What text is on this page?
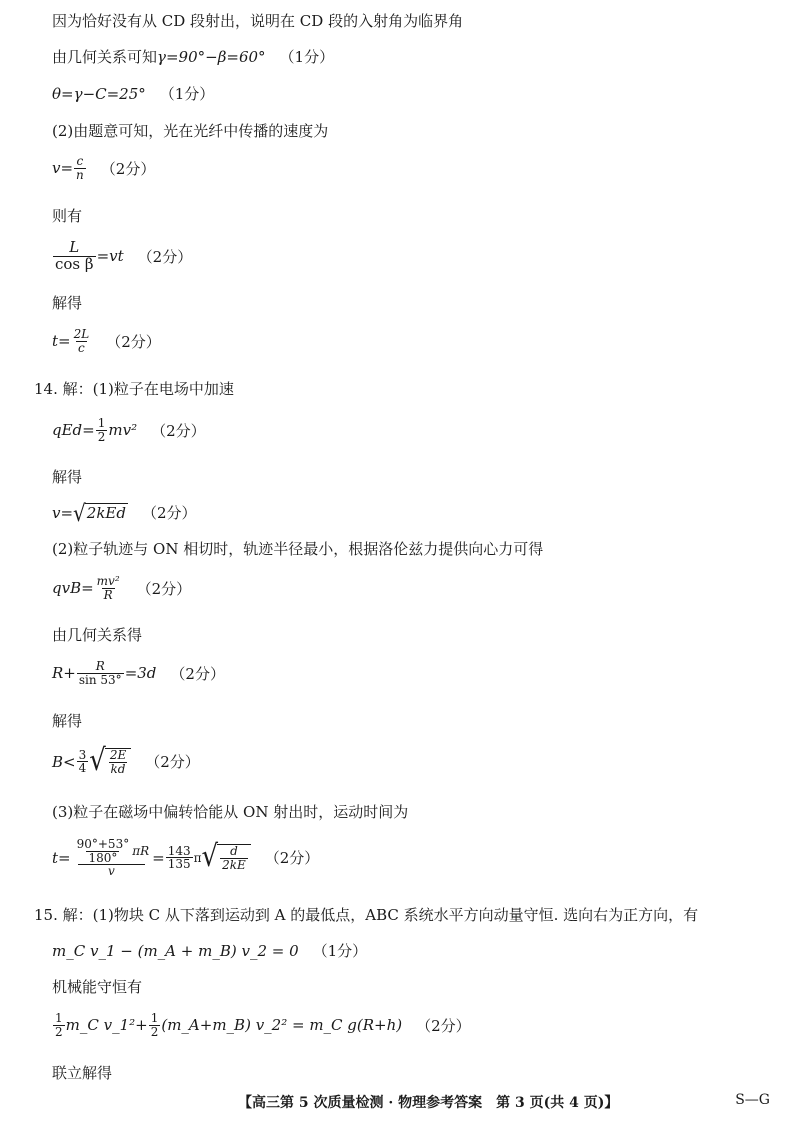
因为恰好没有从 CD 段射出，说明在 CD 段的入射角为临界角
由几何关系可知 γ=90°−β=60° （1分）
θ=γ−C=25° （1分）
(2)由题意可知，光在光纤中传播的速度为
$v= \frac{c}{n} (2$分）
则有
$\frac{L}{\text{cos β}} =vt$ （2分）
解得
$t= \frac{2L}{c} (2$分）
14. 解：(1)粒子在电场中加速
$qEd= \frac{1}{2} mv^2$ （2分）
解得
v= √ 2kEd （2分）
(2)粒子轨迹与 ON 相切时，轨迹半径最小，根据洛伦兹力提供向心力可得
$qvB= \frac{\text{mv²}}{R} (2$分）
由几何关系得
$R+ \frac{R}{\sin 53^\circ} =3d$ （2分）
解得
$B< \frac{3}{4}$ √ $\frac{2E}{kd} (2$分）
(3)粒子在磁场中偏转恰能从 ON 射出时，运动时间为
$t= \frac{\frac{90^\circ+53^\circ}{180^\circ} \pi R}{v} = \frac{143}{135}$ π √ $\frac{d}{2kE} (2$分）
15. 解：(1)物块 C 从下落到运动到 A 的最低点，ABC 系统水平方向动量守恒. 选向右为正方向，有
m_C v_1 − (m_A + m_B) v_2 = 0 （1分）
机械能守恒有
$\frac{1}{2}$ m_C v_1²+ $\frac{1}{2}$ (m_A+m_B) v_2² = m_C g(R+h) （2分）
联立解得
【高三第 5 次质量检测 · 物理参考答案　第 3 页(共 4 页)】	S—G
